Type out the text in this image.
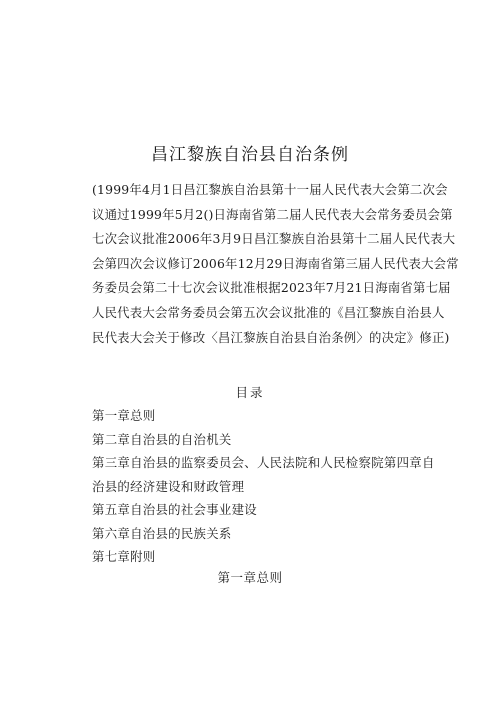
昌江黎族自治县自治条例
(1999年4月1日昌江黎族自治县第十一届人民代表大会第二次会
议通过1999年5月2()日海南省第二届人民代表大会常务委员会第
七次会议批准2006年3月9日昌江黎族自治县第十二届人民代表大
会第四次会议修订2006年12月29日海南省第三届人民代表大会常
务委员会第二十七次会议批准根据2023年7月21日海南省第七届
人民代表大会常务委员会第五次会议批准的《昌江黎族自治县人
民代表大会关于修改〈昌江黎族自治县自治条例〉的决定》修正)
目录
第一章总则
第二章自治县的自治机关
第三章自治县的监察委员会、人民法院和人民检察院第四章自治县的经济建设和财政管理
第五章自治县的社会事业建设
第六章自治县的民族关系
第七章附则
第一章总则
